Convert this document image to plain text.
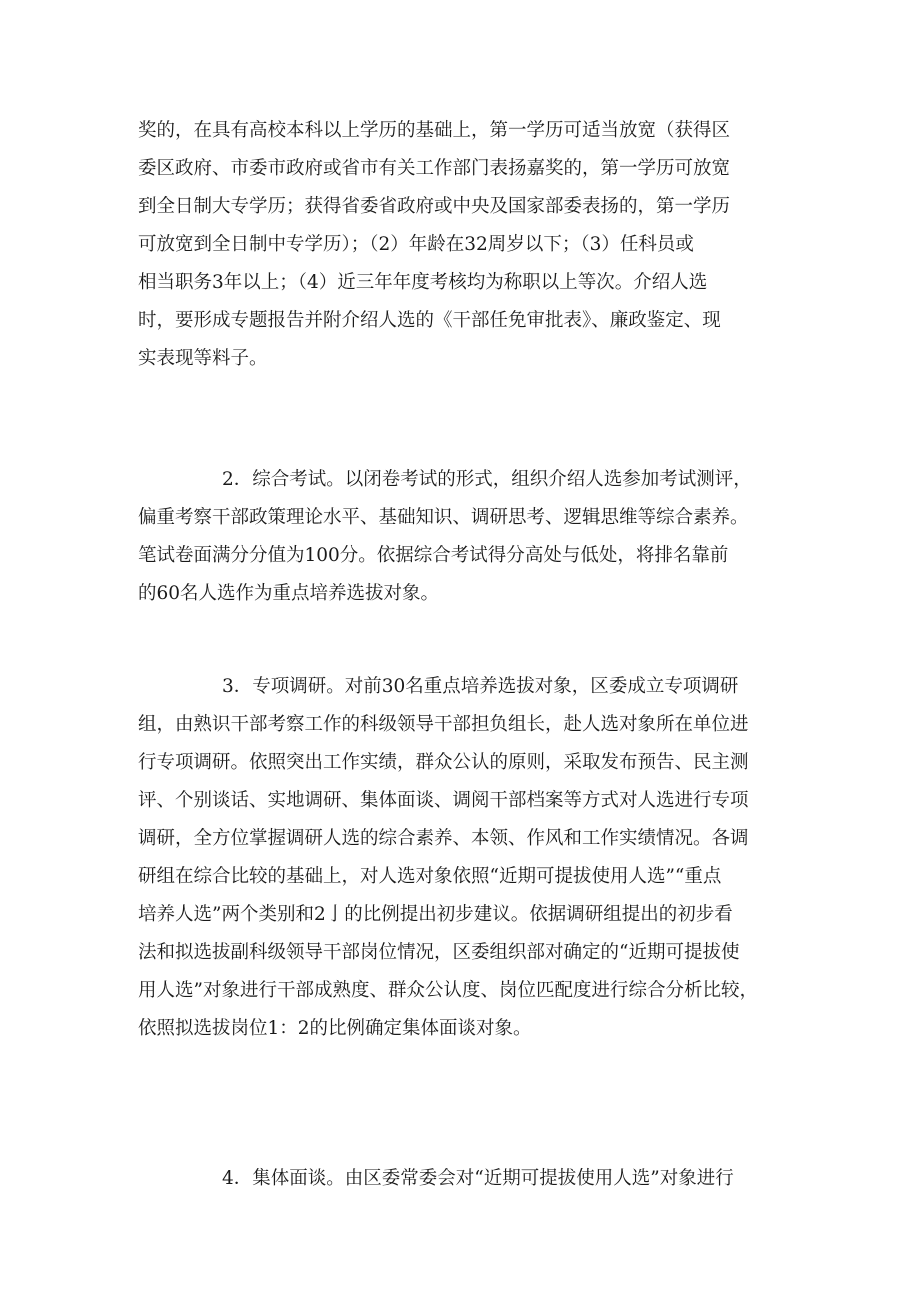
奖的，在具有高校本科以上学历的基础上，第一学历可适当放宽（获得区
委区政府、市委市政府或省市有关工作部门表扬嘉奖的，第一学历可放宽
到全日制大专学历；获得省委省政府或中央及国家部委表扬的，第一学历
可放宽到全日制中专学历）；（2）年龄在32周岁以下；（3）任科员或
相当职务3年以上；（4）近三年年度考核均为称职以上等次。介绍人选
时，要形成专题报告并附介绍人选的《干部任免审批表》、廉政鉴定、现
实表现等料子。
2．综合考试。以闭卷考试的形式，组织介绍人选参加考试测评，
偏重考察干部政策理论水平、基础知识、调研思考、逻辑思维等综合素养。
笔试卷面满分分值为100分。依据综合考试得分高处与低处，将排名靠前
的60名人选作为重点培养选拔对象。
3．专项调研。对前30名重点培养选拔对象，区委成立专项调研
组，由熟识干部考察工作的科级领导干部担负组长，赴人选对象所在单位进
行专项调研。依照突出工作实绩，群众公认的原则，采取发布预告、民主测
评、个别谈话、实地调研、集体面谈、调阅干部档案等方式对人选进行专项
调研，全方位掌握调研人选的综合素养、本领、作风和工作实绩情况。各调
研组在综合比较的基础上，对人选对象依照“近期可提拔使用人选”“重点
培养人选”两个类别和2亅的比例提出初步建议。依据调研组提出的初步看
法和拟选拔副科级领导干部岗位情况，区委组织部对确定的“近期可提拔使
用人选”对象进行干部成熟度、群众公认度、岗位匹配度进行综合分析比较，
依照拟选拔岗位1：2的比例确定集体面谈对象。
4．集体面谈。由区委常委会对“近期可提拔使用人选”对象进行
